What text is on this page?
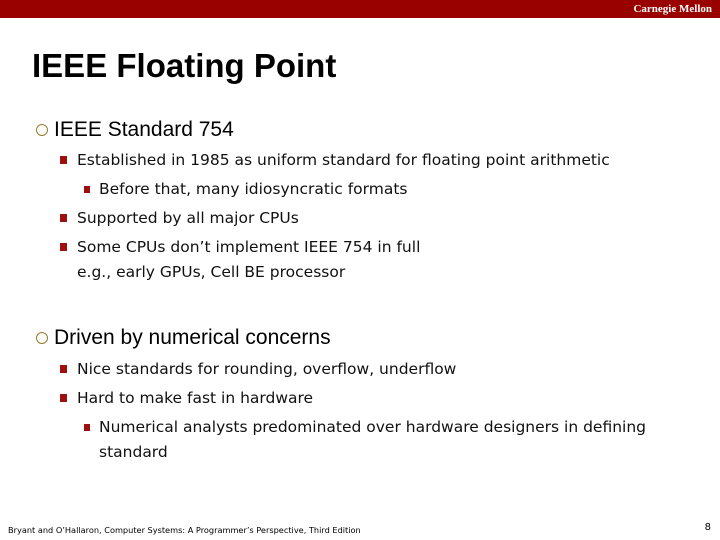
Carnegie Mellon
IEEE Floating Point
IEEE Standard 754
Established in 1985 as uniform standard for floating point arithmetic
Before that, many idiosyncratic formats
Supported by all major CPUs
Some CPUs don’t implement IEEE 754 in full
e.g., early GPUs, Cell BE processor
Driven by numerical concerns
Nice standards for rounding, overflow, underflow
Hard to make fast in hardware
Numerical analysts predominated over hardware designers in defining
standard
Bryant and O’Hallaron, Computer Systems: A Programmer’s Perspective, Third Edition	8
